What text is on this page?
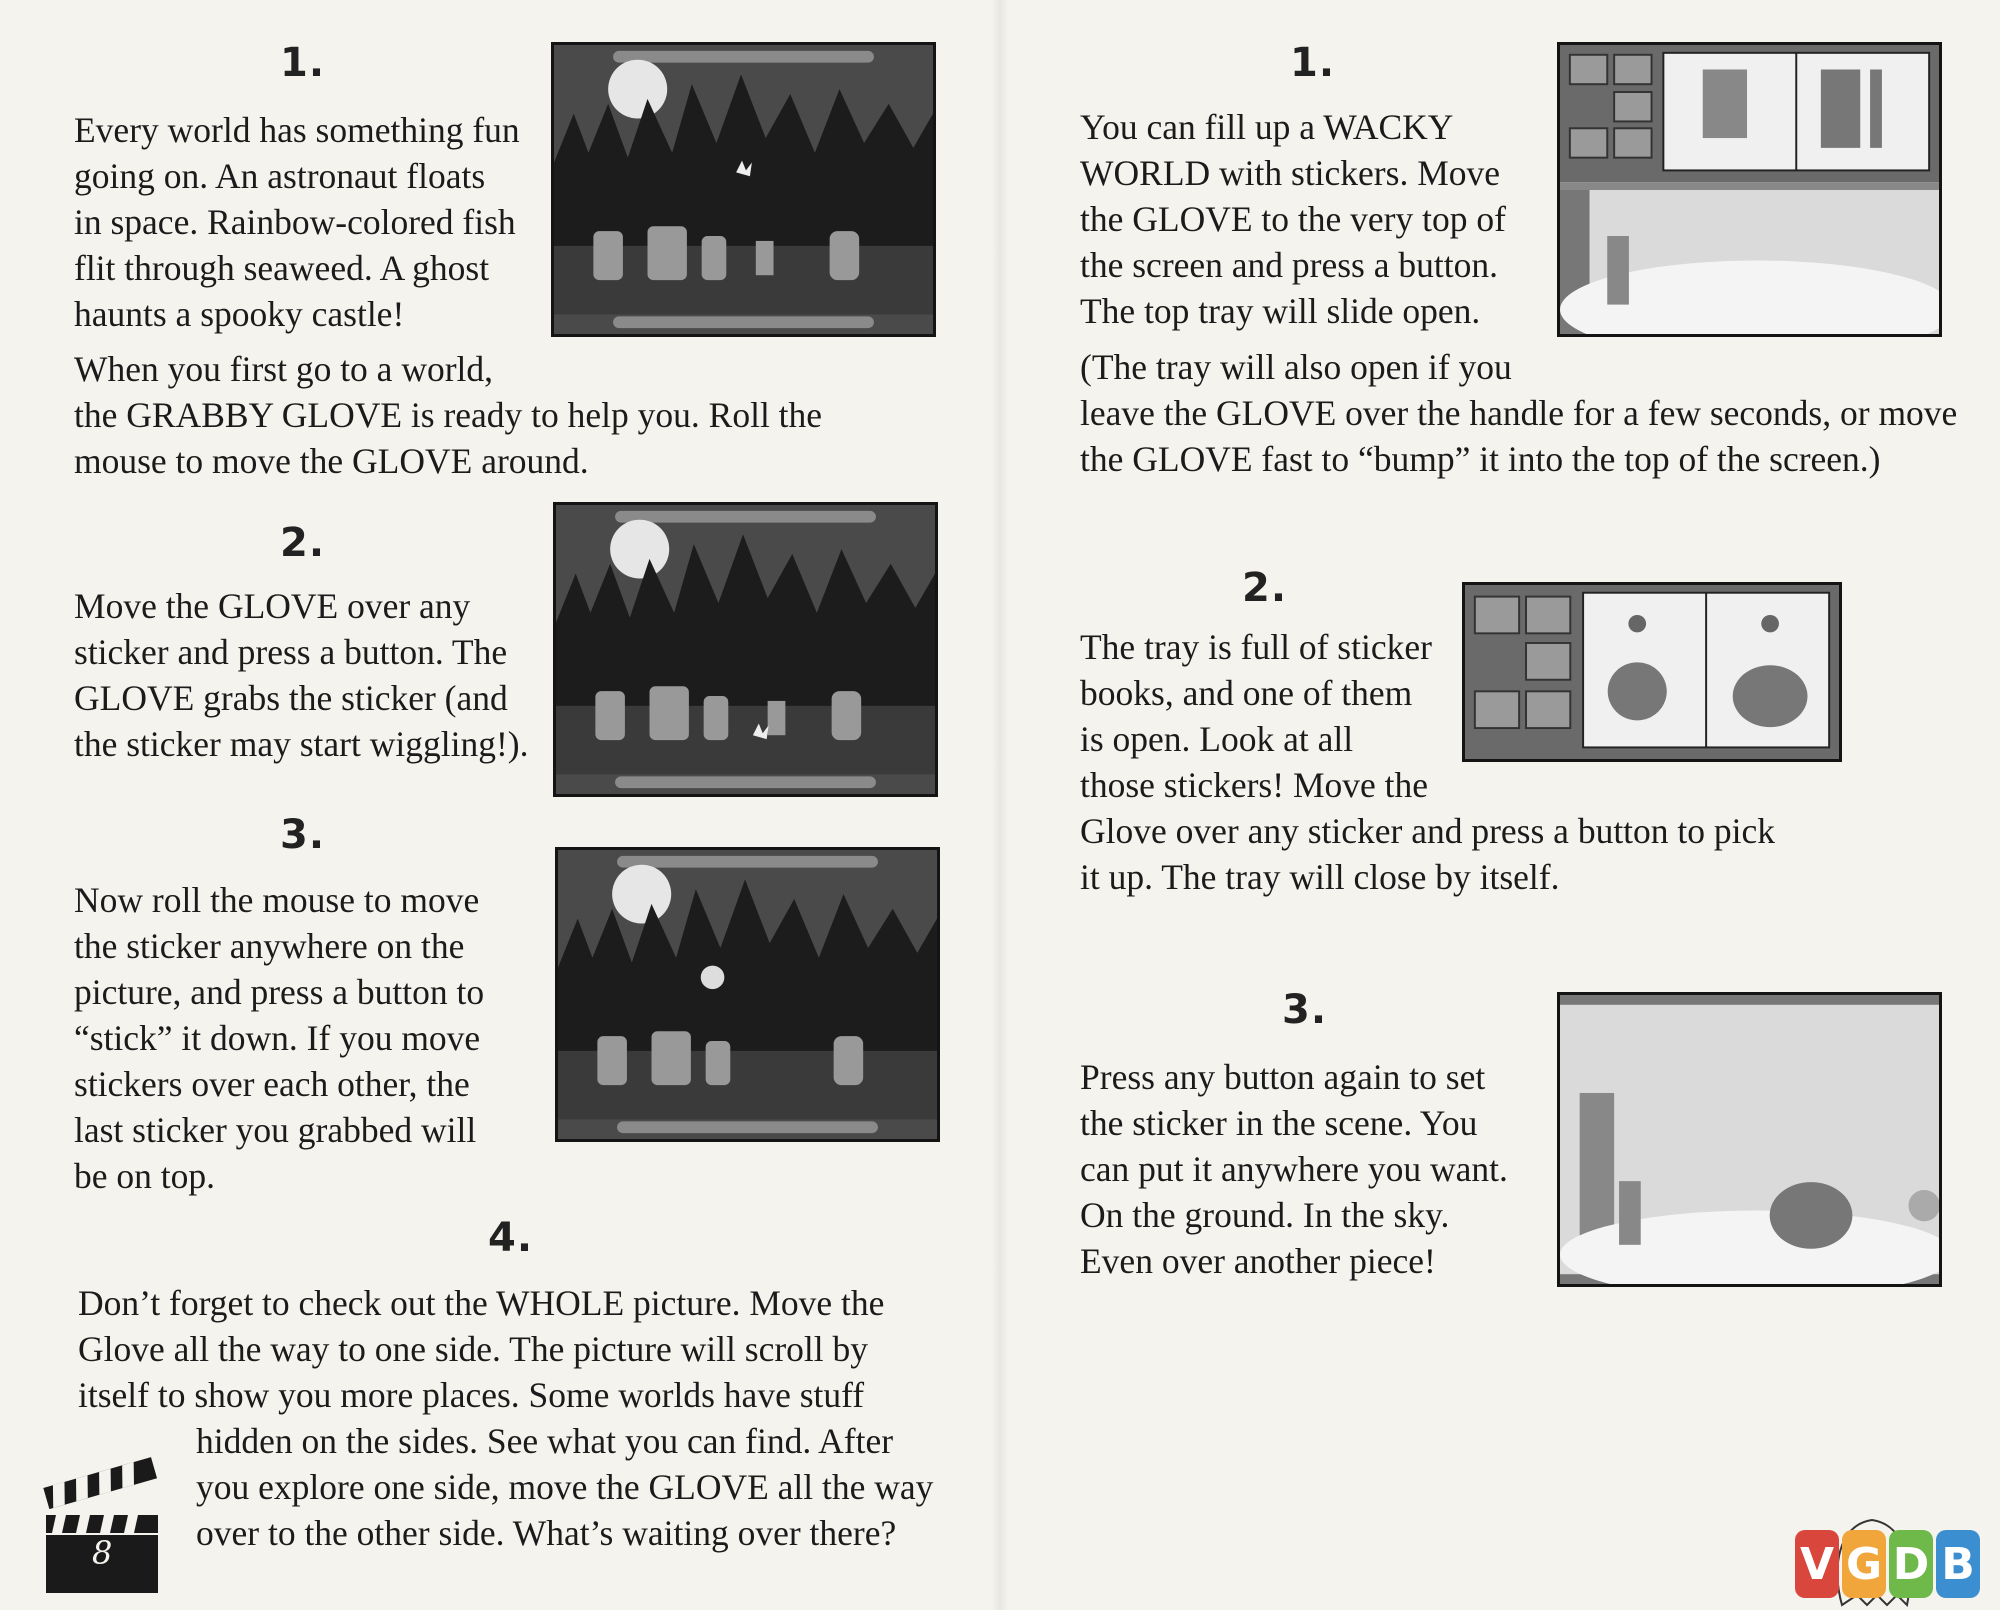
1.
Every world has something fun
going on. An astronaut floats
in space. Rainbow-colored fish
flit through seaweed. A ghost
haunts a spooky castle!
When you first go to a world,
the GRABBY GLOVE is ready to help you. Roll the
mouse to move the GLOVE around.
2.
Move the GLOVE over any
sticker and press a button. The
GLOVE grabs the sticker (and
the sticker may start wiggling!).
3.
Now roll the mouse to move
the sticker anywhere on the
picture, and press a button to
“stick” it down. If you move
stickers over each other, the
last sticker you grabbed will
be on top.
4.
Don’t forget to check out the WHOLE picture. Move the
Glove all the way to one side. The picture will scroll by
itself to show you more places. Some worlds have stuff
hidden on the sides. See what you can find. After
you explore one side, move the GLOVE all the way
over to the other side. What’s waiting over there?
8
1.
You can fill up a WACKY
WORLD with stickers. Move
the GLOVE to the very top of
the screen and press a button.
The top tray will slide open.
(The tray will also open if you
leave the GLOVE over the handle for a few seconds, or move
the GLOVE fast to “bump” it into the top of the screen.)
2.
The tray is full of sticker
books, and one of them
is open. Look at all
those stickers! Move the
Glove over any sticker and press a button to pick
it up. The tray will close by itself.
3.
Press any button again to set
the sticker in the scene. You
can put it anywhere you want.
On the ground. In the sky.
Even over another piece!
V G D B
